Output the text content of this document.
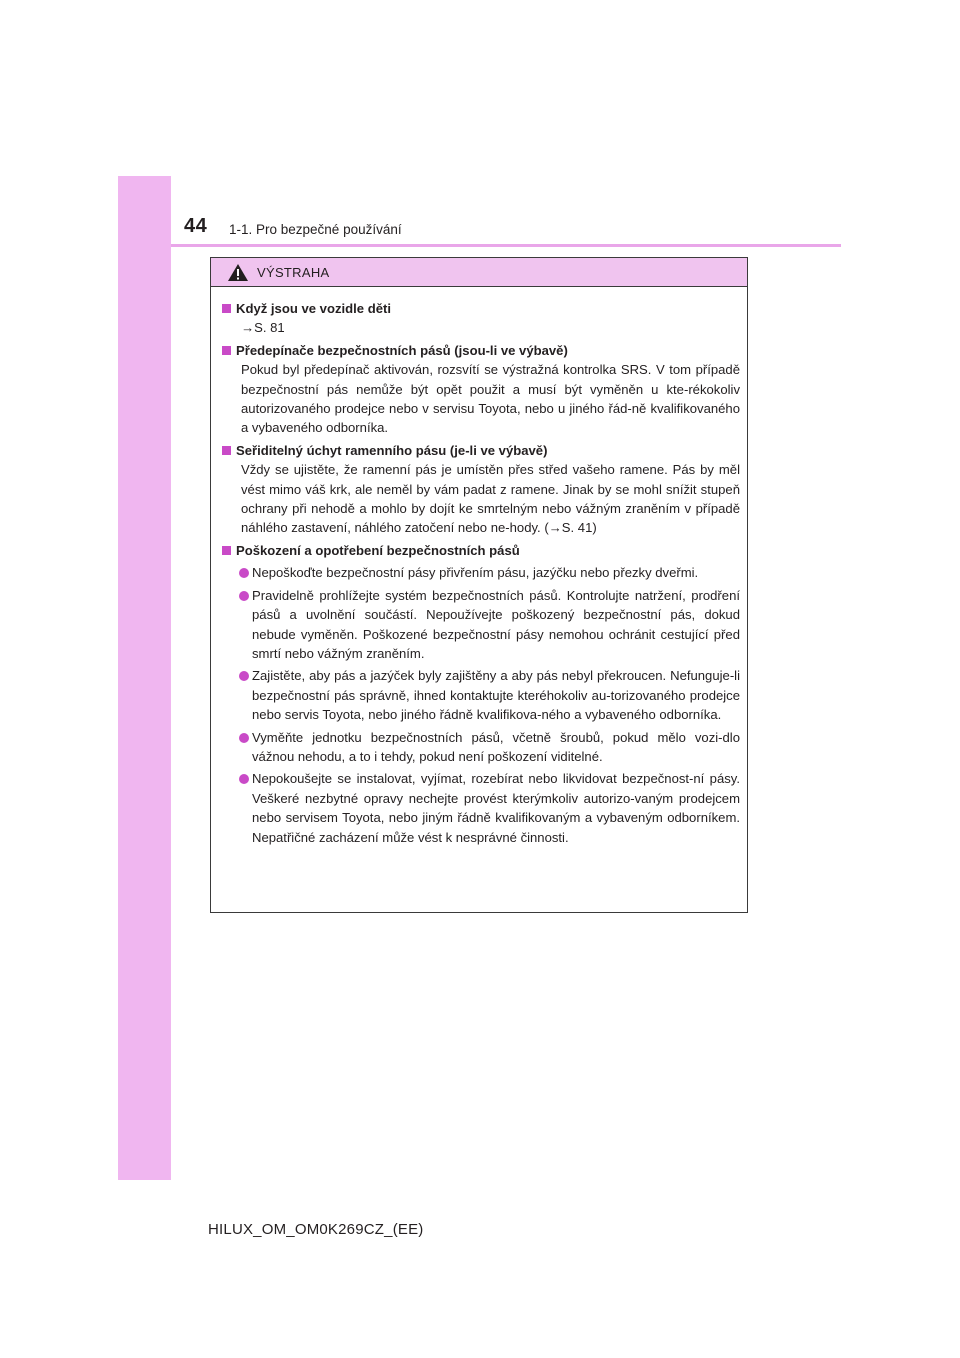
44 1-1. Pro bezpečné používání
VÝSTRAHA
Když jsou ve vozidle děti
→S. 81
Předepínače bezpečnostních pásů (jsou-li ve výbavě)
Pokud byl předepínač aktivován, rozsvítí se výstražná kontrolka SRS. V tom případě bezpečnostní pás nemůže být opět použit a musí být vyměněn u kte-rékokoliv autorizovaného prodejce nebo v servisu Toyota, nebo u jiného řád-ně kvalifikovaného a vybaveného odborníka.
Seřiditelný úchyt ramenního pásu (je-li ve výbavě)
Vždy se ujistěte, že ramenní pás je umístěn přes střed vašeho ramene. Pás by měl vést mimo váš krk, ale neměl by vám padat z ramene. Jinak by se mohl snížit stupeň ochrany při nehodě a mohlo by dojít ke smrtelným nebo vážným zraněním v případě náhlého zastavení, náhlého zatočení nebo ne-hody. (→S. 41)
Poškození a opotřebení bezpečnostních pásů
Nepoškoďte bezpečnostní pásy přivřením pásu, jazýčku nebo přezky dveřmi.
Pravidelně prohlížejte systém bezpečnostních pásů. Kontrolujte natržení, prodření pásů a uvolnění součástí. Nepoužívejte poškozený bezpečnostní pás, dokud nebude vyměněn. Poškozené bezpečnostní pásy nemohou ochránit cestující před smrtí nebo vážným zraněním.
Zajistěte, aby pás a jazýček byly zajištěny a aby pás nebyl překroucen. Nefunguje-li bezpečnostní pás správně, ihned kontaktujte kteréhokoliv au-torizovaného prodejce nebo servis Toyota, nebo jiného řádně kvalifikova-ného a vybaveného odborníka.
Vyměňte jednotku bezpečnostních pásů, včetně šroubů, pokud mělo vozi-dlo vážnou nehodu, a to i tehdy, pokud není poškození viditelné.
Nepokoušejte se instalovat, vyjímat, rozebírat nebo likvidovat bezpečnost-ní pásy. Veškeré nezbytné opravy nechejte provést kterýmkoliv autorizo-vaným prodejcem nebo servisem Toyota, nebo jiným řádně kvalifikovaným a vybaveným odborníkem. Nepatřičné zacházení může vést k nesprávné činnosti.
HILUX_OM_OM0K269CZ_(EE)
